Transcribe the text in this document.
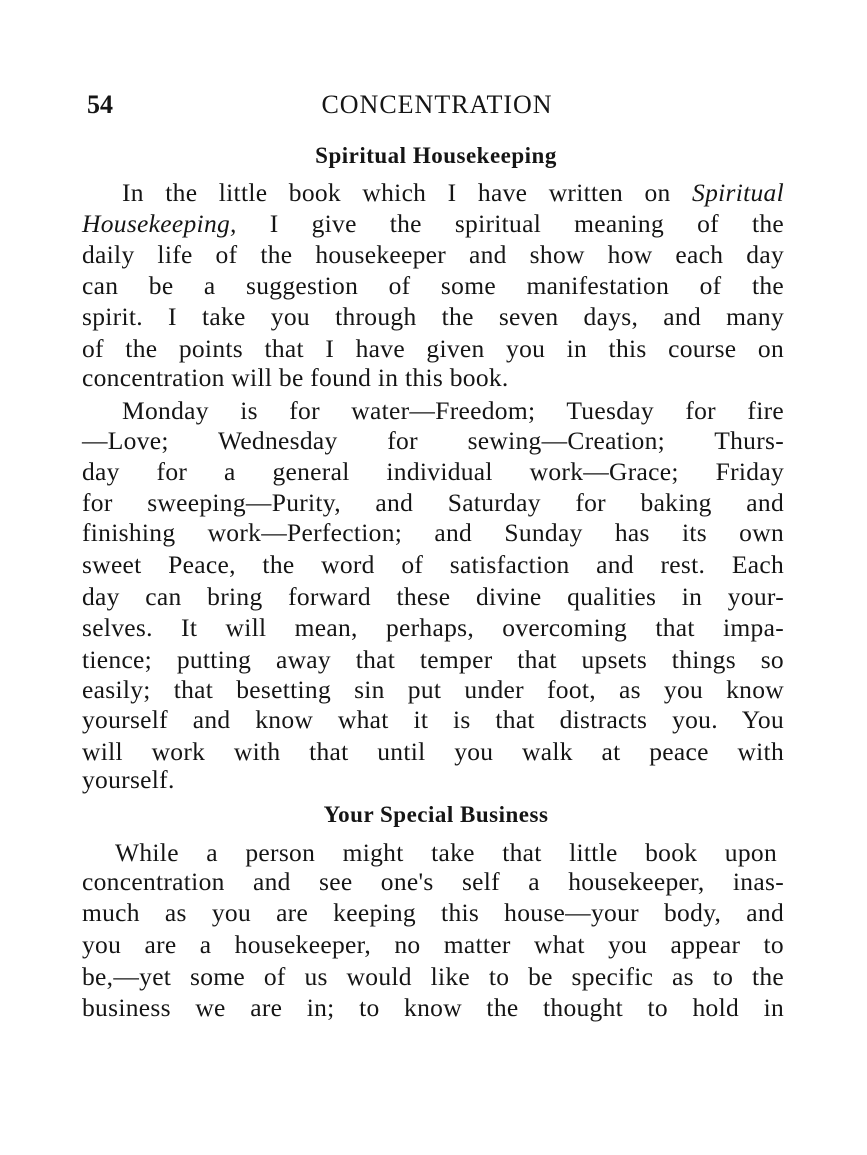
54	CONCENTRATION
Spiritual Housekeeping
In the little book which I have written on Spiritual
Housekeeping, I give the spiritual meaning of the
daily life of the housekeeper and show how each day
can be a suggestion of some manifestation of the
spirit. I take you through the seven days, and many
of the points that I have given you in this course on
concentration will be found in this book.
Monday is for water—Freedom; Tuesday for fire
—Love; Wednesday for sewing—Creation; Thurs-
day for a general individual work—Grace; Friday
for sweeping—Purity, and Saturday for baking and
finishing work—Perfection; and Sunday has its own
sweet Peace, the word of satisfaction and rest. Each
day can bring forward these divine qualities in your-
selves. It will mean, perhaps, overcoming that impa-
tience; putting away that temper that upsets things so
easily; that besetting sin put under foot, as you know
yourself and know what it is that distracts you. You
will work with that until you walk at peace with
yourself.
Your Special Business
While a person might take that little book upon
concentration and see one's self a housekeeper, inas-
much as you are keeping this house—your body, and
you are a housekeeper, no matter what you appear to
be,—yet some of us would like to be specific as to the
business we are in; to know the thought to hold in
